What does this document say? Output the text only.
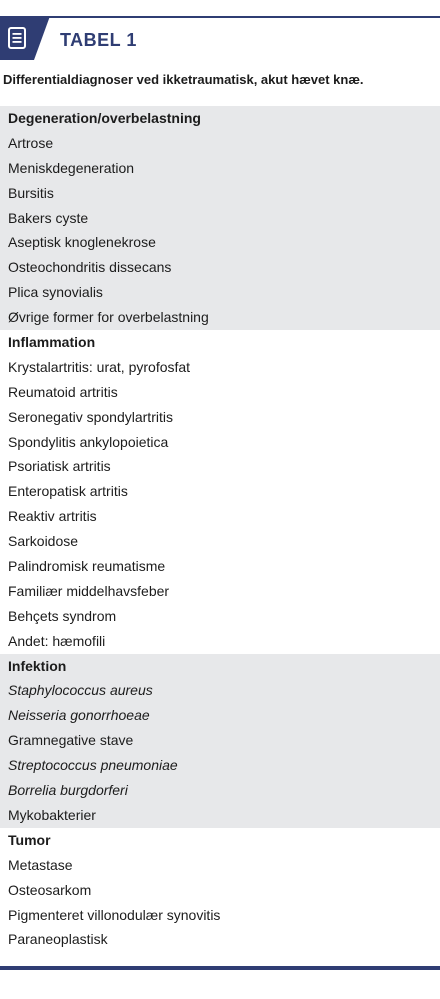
TABEL 1
Differentialdiagnoser ved ikketraumatisk, akut hævet knæ.
Degeneration/overbelastning
Artrose
Meniskdegeneration
Bursitis
Bakers cyste
Aseptisk knoglenekrose
Osteochondritis dissecans
Plica synovialis
Øvrige former for overbelastning
Inflammation
Krystalartritis: urat, pyrofosfat
Reumatoid artritis
Seronegativ spondylartritis
Spondylitis ankylopoietica
Psoriatisk artritis
Enteropatisk artritis
Reaktiv artritis
Sarkoidose
Palindromisk reumatisme
Familiær middelhavsfeber
Behçets syndrom
Andet: hæmofili
Infektion
Staphylococcus aureus
Neisseria gonorrhoeae
Gramnegative stave
Streptococcus pneumoniae
Borrelia burgdorferi
Mykobakterier
Tumor
Metastase
Osteosarkom
Pigmenteret villonodulær synovitis
Paraneoplastisk
